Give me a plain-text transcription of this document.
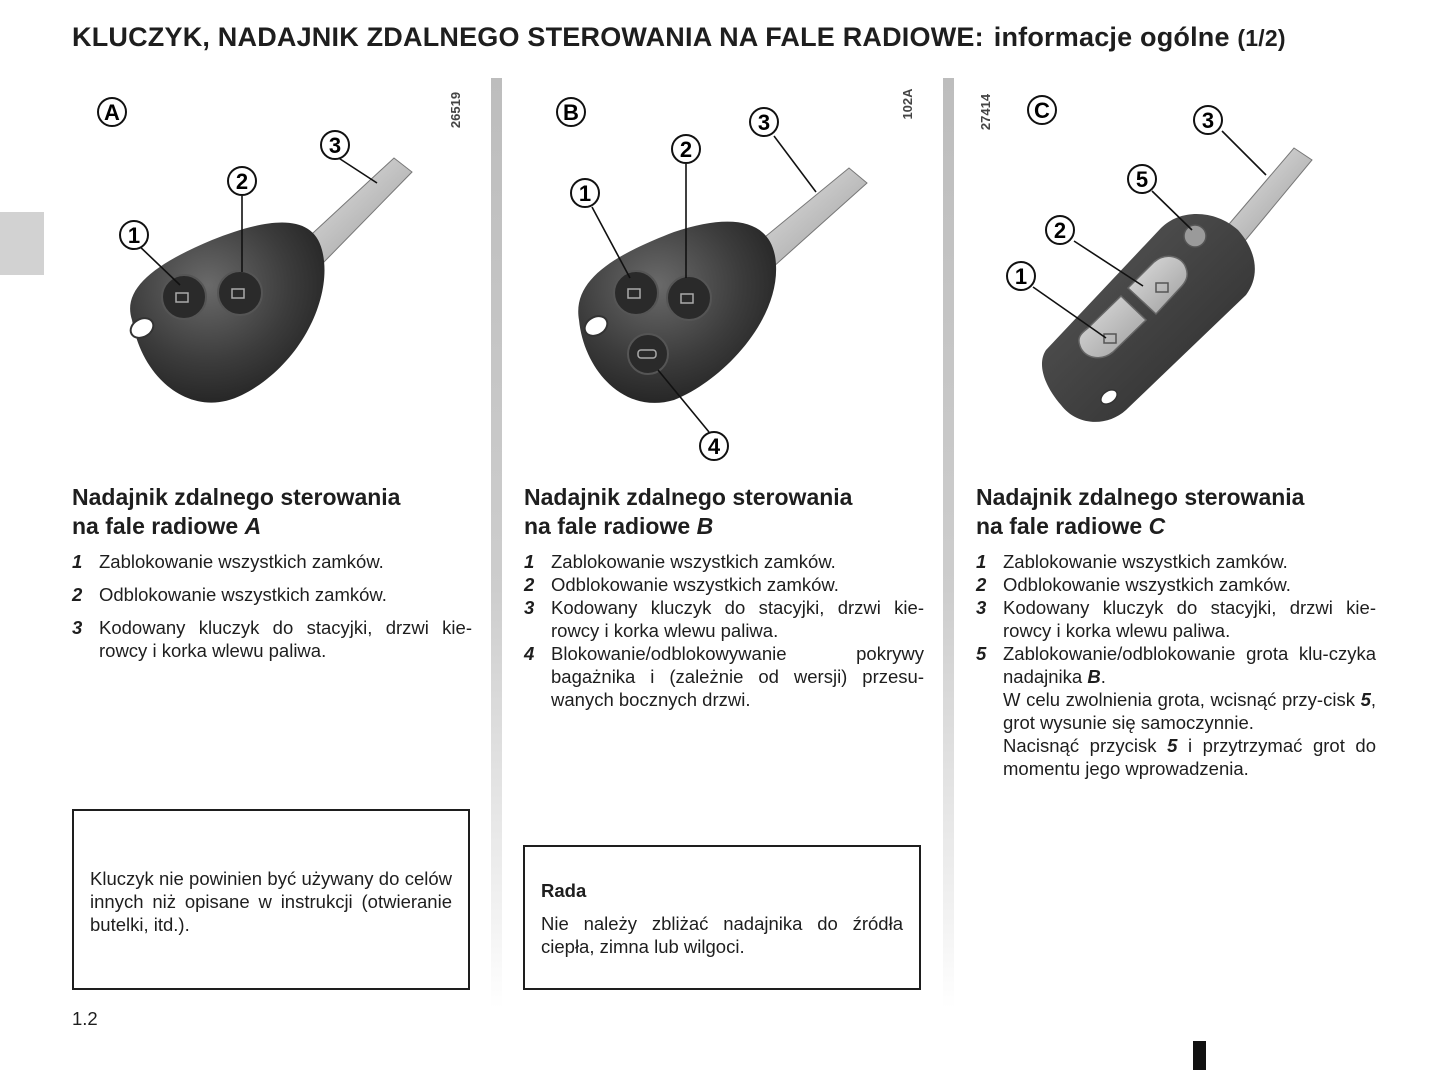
KLUCZYK, NADAJNIK ZDALNEGO STEROWANIA NA FALE RADIOWE: informacje ogólne (1/2)
A
1
2
3
26519	B
1
2
3
4
102A	C
1
2
3
5
27414
Nadajnik zdalnego sterowania
na fale radiowe A
Nadajnik zdalnego sterowania
na fale radiowe B
Nadajnik zdalnego sterowania
na fale radiowe C
1 Zablokowanie wszystkich zamków.
2 Odblokowanie wszystkich zamków.
3 Kodowany kluczyk do stacyjki, drzwi kie-rowcy i korka wlewu paliwa.
1 Zablokowanie wszystkich zamków.
2 Odblokowanie wszystkich zamków.
3 Kodowany kluczyk do stacyjki, drzwi kie-rowcy i korka wlewu paliwa.
4 Blokowanie/odblokowywanie pokrywy bagażnika i (zależnie od wersji) przesu-wanych bocznych drzwi.
1 Zablokowanie wszystkich zamków.
2 Odblokowanie wszystkich zamków.
3 Kodowany kluczyk do stacyjki, drzwi kie-rowcy i korka wlewu paliwa.
5 Zablokowanie/odblokowanie grota klu-czyka nadajnika B.
W celu zwolnienia grota, wcisnąć przy-cisk 5, grot wysunie się samoczynnie.
Nacisnąć przycisk 5 i przytrzymać grot do momentu jego wprowadzenia.
Kluczyk nie powinien być używany do celów innych niż opisane w instrukcji (otwieranie butelki, itd.).
Rada
Nie należy zbliżać nadajnika do źródła ciepła, zimna lub wilgoci.
1.2
